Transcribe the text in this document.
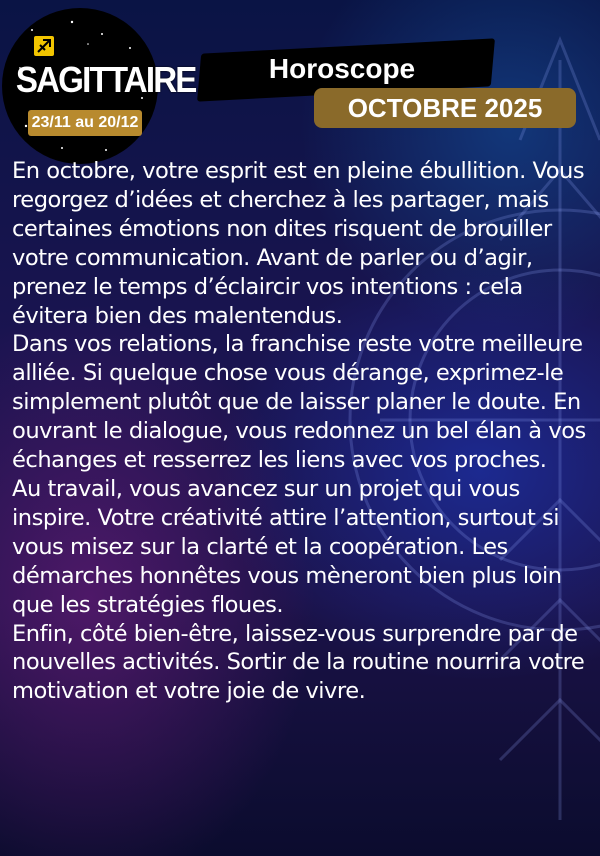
SAGITTAIRE
23/11 au 20/12
Horoscope
OCTOBRE 2025

En octobre, votre esprit est en pleine ébullition. Vous regorgez d’idées et cherchez à les partager, mais certaines émotions non dites risquent de brouiller votre communication. Avant de parler ou d’agir, prenez le temps d’éclaircir vos intentions : cela évitera bien des malentendus.

Dans vos relations, la franchise reste votre meilleure alliée. Si quelque chose vous dérange, exprimez-le simplement plutôt que de laisser planer le doute. En ouvrant le dialogue, vous redonnez un bel élan à vos échanges et resserrez les liens avec vos proches.

Au travail, vous avancez sur un projet qui vous inspire. Votre créativité attire l’attention, surtout si vous misez sur la clarté et la coopération. Les démarches honnêtes vous mèneront bien plus loin que les stratégies floues.

Enfin, côté bien-être, laissez-vous surprendre par de nouvelles activités. Sortir de la routine nourrira votre motivation et votre joie de vivre.
